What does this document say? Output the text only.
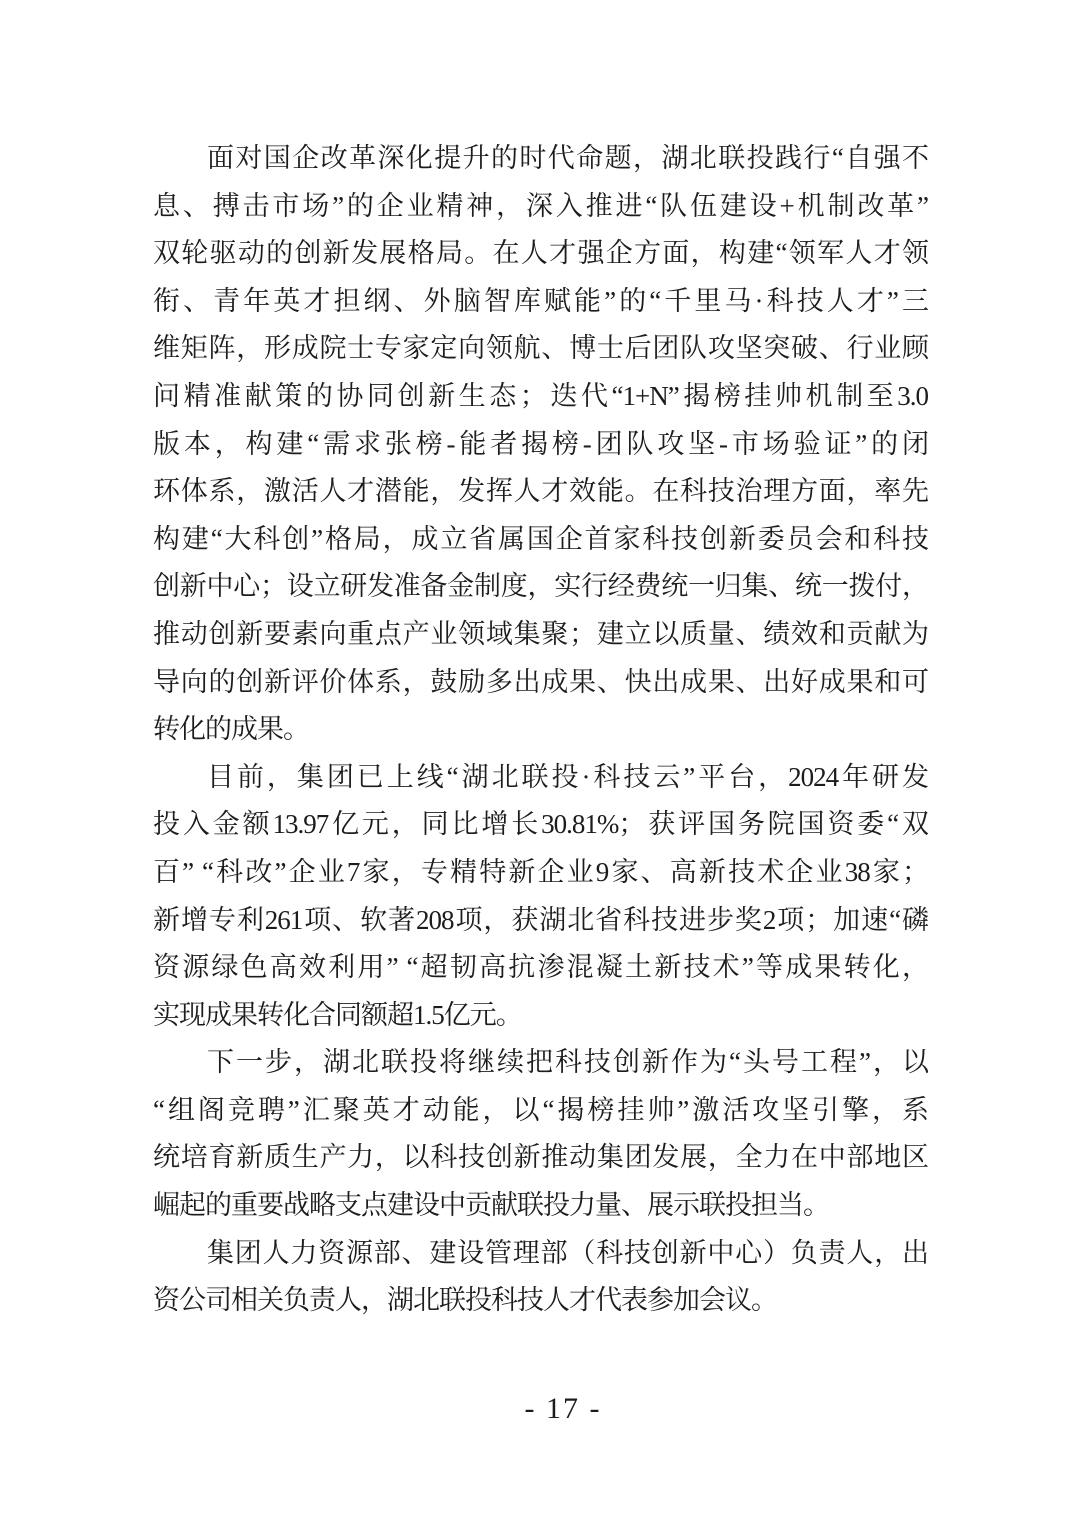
面对国企改革深化提升的时代命题，湖北联投践行“自强不
息、搏击市场”的企业精神，深入推进“队伍建设+机制改革”
双轮驱动的创新发展格局。在人才强企方面，构建“领军人才领
衔、青年英才担纲、外脑智库赋能”的“千里马·科技人才”三
维矩阵，形成院士专家定向领航、博士后团队攻坚突破、行业顾
问精准献策的协同创新生态；迭代“1+N”揭榜挂帅机制至3.0
版本，构建“需求张榜-能者揭榜-团队攻坚-市场验证”的闭
环体系，激活人才潜能，发挥人才效能。在科技治理方面，率先
构建“大科创”格局，成立省属国企首家科技创新委员会和科技
创新中心；设立研发准备金制度，实行经费统一归集、统一拨付，
推动创新要素向重点产业领域集聚；建立以质量、绩效和贡献为
导向的创新评价体系，鼓励多出成果、快出成果、出好成果和可
转化的成果。
目前，集团已上线“湖北联投·科技云”平台，2024年研发
投入金额13.97亿元，同比增长30.81%；获评国务院国资委“双
百” “科改”企业7家，专精特新企业9家、高新技术企业38家；
新增专利261项、软著208项，获湖北省科技进步奖2项；加速“磷
资源绿色高效利用” “超韧高抗渗混凝土新技术”等成果转化，
实现成果转化合同额超1.5亿元。
下一步，湖北联投将继续把科技创新作为“头号工程”，以
“组阁竞聘”汇聚英才动能，以“揭榜挂帅”激活攻坚引擎，系
统培育新质生产力，以科技创新推动集团发展，全力在中部地区
崛起的重要战略支点建设中贡献联投力量、展示联投担当。
集团人力资源部、建设管理部（科技创新中心）负责人，出
资公司相关负责人，湖北联投科技人才代表参加会议。
- 17 -
